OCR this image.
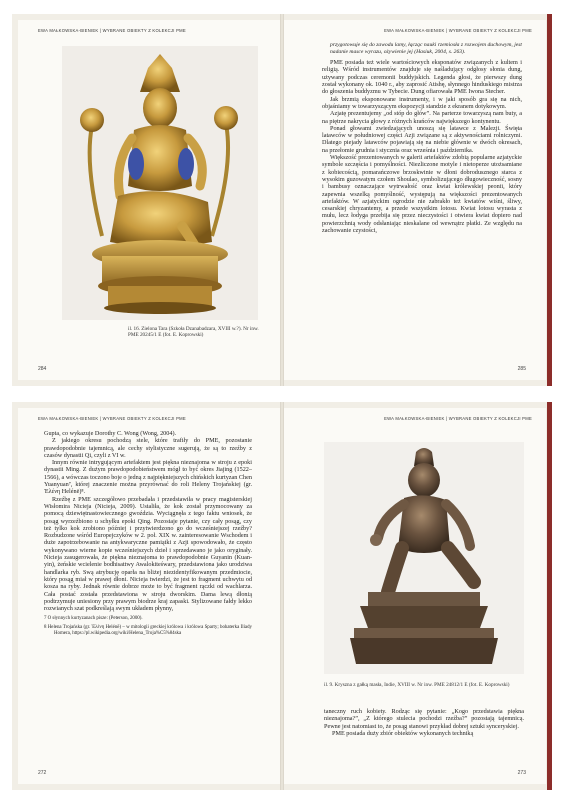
EWA MAŁKOWSKA-BIENIEK | WYBRANE OBIEKTY Z KOLEKCJI PME
il. 16. Zielona Tara (Szkoła Dzanabadzara, XVIII w.?). Nr inw. PME 20245/1 E (fot. E. Koprowski)
284
EWA MAŁKOWSKA-BIENIEK | WYBRANE OBIEKTY Z KOLEKCJI PME
przygotowuje się do zawodu lamy, łącząc nauki rzemiosła z rozwojem duchowym, jest nadanie masce wyrazu, ożywienie jej (Hasiuk, 2004, s. 263).

PME posiada też wiele wartościowych eksponatów związanych z kultem i religią. Wśród instrumentów znajduje się naśladujący odgłosy słonia dung, używany podczas ceremonii buddyjskich. Legenda głosi, że pierwszy dung został wykonany ok. 1040 r., aby zaprosić Atishę, słynnego hinduskiego mistrza do głoszenia buddyzmu w Tybecie. Dung ofiarowała PME Iwona Stecher.

Jak brzmią eksponowane instrumenty, i w jaki sposób gra się na nich, objaśniamy w towarzyszącym ekspozycji standzie z ekranem dotykowym.

Azjatę prezentujemy „od stóp do głów”. Na parterze towarzyszą nam buty, a na piętrze nakrycia głowy z różnych krańców największego kontynentu.

Ponad głowami zwiedzających unoszą się latawce z Malezji. Święta latawców w południowej części Azji związane są z aktywnościami rolniczymi. Dlatego piejady latawców pojawiają się na niebie głównie w dwóch okresach, na przełomie grudnia i stycznia oraz września i października.

Większość prezentowanych w galerii artefaktów zdobią popularne azjatyckie symbole szczęścia i pomyślności. Niezliczone motyle i nietoperze utożsamiane z kobiecością, pomarańczowe brzoskwinie w dłoni dobrodusznego starca z wysokim guzowatym czołem Shoulao, symbolizującego długowieczność, sosny i bambusy oznaczające wytrwałość oraz kwiat królewskiej peonii, który zapewnia wszelką pomyślność, występują na większości prezentowanych artefaktów. W azjatyckim ogrodzie nie zabrakło też kwiatów wiśni, śliwy, cesarskiej chryzantemy, a przede wszystkim lotosu. Kwiat lotosu wyrasta z mułu, lecz łodyga przebija się przez nieczystości i otwiera kwiat dopiero nad powierzchnią wody odsłaniając nieskalane od wewnątrz płatki. Ze względu na zachowanie czystości,

285
EWA MAŁKOWSKA-BIENIEK | WYBRANE OBIEKTY Z KOLEKCJI PME

Gupta, co wykazuje Dorothy C. Wong (Wong, 2004).

Z jakiego okresu pochodzą stele, które trafiły do PME, pozostanie prawdopodobnie tajemnicą, ale cechy stylistyczne sugerują, że są to rzeźby z czasów dynastii Qi, czyli z VI w.

Innym równie intrygującym artefaktem jest piękna nieznajoma w stroju z epoki dynastii Ming. Z dużym prawdopodobieństwem mógł to być okres Jiajing (1522–1566), a wówczas toczono boje o jedną z najpiękniejszych chińskich kurtyzan Chen Yuanyuan⁷, której znaczenie można przyrównać do roli Heleny Trojańskiej (gr. Ἑλένη Helénē)⁸.

Rzeźbę z PME szczegółowo przebadała i przedstawiła w pracy magisterskiej Wisłomira Nicieja (Nicieja, 2009). Ustaliła, że kok został przymocowany za pomocą dziewiętnastowiecznego gwoździa. Wyciągnęła z tego faktu wniosek, że posąg wyrzeźbiono u schyłku epoki Qing. Pozostaje pytanie, czy cały posąg, czy też tylko kok zrobiono później i przytwierdzono go do wcześniejszej rzeźby? Rozbudzone wśród Europejczyków w 2. poł. XIX w. zainteresowanie Wschodem i duże zapotrzebowanie na antykwaryczne pamiątki z Azji spowodowało, że często wykonywano wierne kopie wcześniejszych dzieł i sprzedawano je jako oryginały. Nicieja zasugerowała, że piękna nieznajoma to prawdopodobnie Guyanin (Kuan-yin), żeńskie wcielenie bodhisattwy Awalokiteśwary, przedstawiona jako urodziwa handlarka ryb. Swą atrybucję oparła na bliżej niezidentyfikowanym przedmiocie, który posąg miał w prawej dłoni. Nicieja twierdzi, że jest to fragment uchwytu od kosza na ryby. Jednak równie dobrze może to być fragment rączki od wachlarza. Cała postać została przedstawiona w stroju dworskim. Dama lewą dłonią podtrzymuje uniesiony przy prawym biodrze kraj zapaski. Stylizowane fałdy lekko rozwianych szat podkreślają swym układem płynny,

7 O słynnych kurtyzanach pisze: (Peterson, 2000).
8 Helena Trojańska (gr. Ἑλένη Helénē) – w mitologii greckiej królowa i królowa Sparty; bohaterka Iliady Homera, https://pl.wikipedia.org/wiki/Helena_Troja%C5%84ska
272
EWA MAŁKOWSKA-BIENIEK | WYBRANE OBIEKTY Z KOLEKCJI PME
il. 9. Kryszna z gałką masła, Indie, XVIII w. Nr inw. PME 24812/1 E (fot. E. Koprowski)

taneczny ruch kobiety. Rodząc się pytanie: „Kogo przedstawia piękna nieznajoma?”, „Z którego stulecia pochodzi rzeźba?” pozostają tajemnicą. Pewne jest natomiast to, że posąg stanowi przykład dobrej sztuki synceryskiej.

PME posiada duży zbiór obiektów wykonanych techniką

273
